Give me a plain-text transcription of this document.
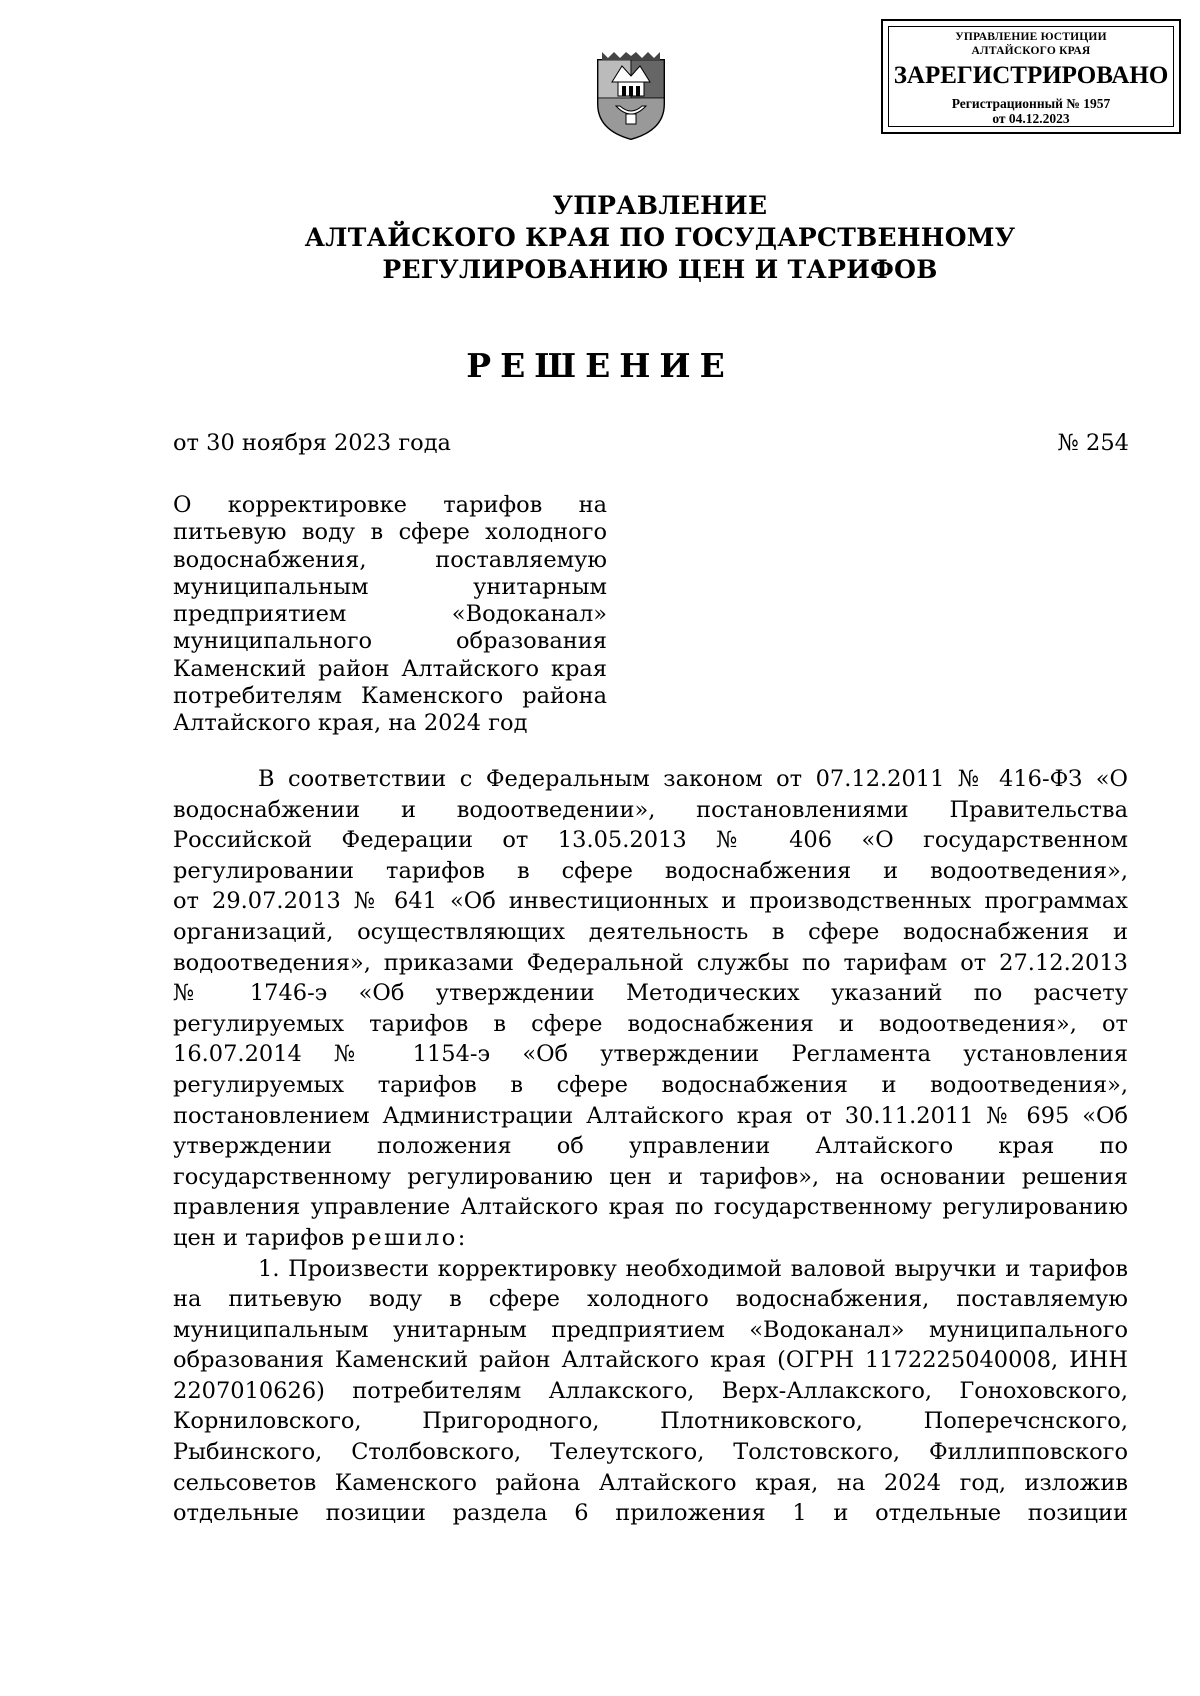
УПРАВЛЕНИЕ ЮСТИЦИИ
АЛТАЙСКОГО КРАЯ
ЗАРЕГИСТРИРОВАНО
Регистрационный № 1957
от 04.12.2023
УПРАВЛЕНИЕ
АЛТАЙСКОГО КРАЯ ПО ГОСУДАРСТВЕННОМУ
РЕГУЛИРОВАНИЮ ЦЕН И ТАРИФОВ
РЕШЕНИЕ
от 30 ноября 2023 года	№ 254
О корректировке тарифов на
питьевую воду в сфере холодного
водоснабжения, поставляемую
муниципальным унитарным
предприятием «Водоканал»
муниципального образования
Каменский район Алтайского края
потребителям Каменского района
Алтайского края, на 2024 год
В соответствии с Федеральным законом от 07.12.2011 № 416-ФЗ «О
водоснабжении и водоотведении», постановлениями Правительства
Российской Федерации от 13.05.2013 № 406 «О государственном
регулировании тарифов в сфере водоснабжения и водоотведения»,
от 29.07.2013 № 641 «Об инвестиционных и производственных программах
организаций, осуществляющих деятельность в сфере водоснабжения и
водоотведения», приказами Федеральной службы по тарифам от 27.12.2013
№ 1746-э «Об утверждении Методических указаний по расчету
регулируемых тарифов в сфере водоснабжения и водоотведения», от
16.07.2014 № 1154-э «Об утверждении Регламента установления
регулируемых тарифов в сфере водоснабжения и водоотведения»,
постановлением Администрации Алтайского края от 30.11.2011 № 695 «Об
утверждении положения об управлении Алтайского края по
государственному регулированию цен и тарифов», на основании решения
правления управление Алтайского края по государственному регулированию
цен и тарифов решило:
1. Произвести корректировку необходимой валовой выручки и тарифов
на питьевую воду в сфере холодного водоснабжения, поставляемую
муниципальным унитарным предприятием «Водоканал» муниципального
образования Каменский район Алтайского края (ОГРН 1172225040008, ИНН
2207010626) потребителям Аллакского, Верх-Аллакского, Гоноховского,
Корниловского, Пригородного, Плотниковского, Поперечснского,
Рыбинского, Столбовского, Телеутского, Толстовского, Филлипповского
сельсоветов Каменского района Алтайского края, на 2024 год, изложив
отдельные позиции раздела 6 приложения 1 и отдельные позиции
